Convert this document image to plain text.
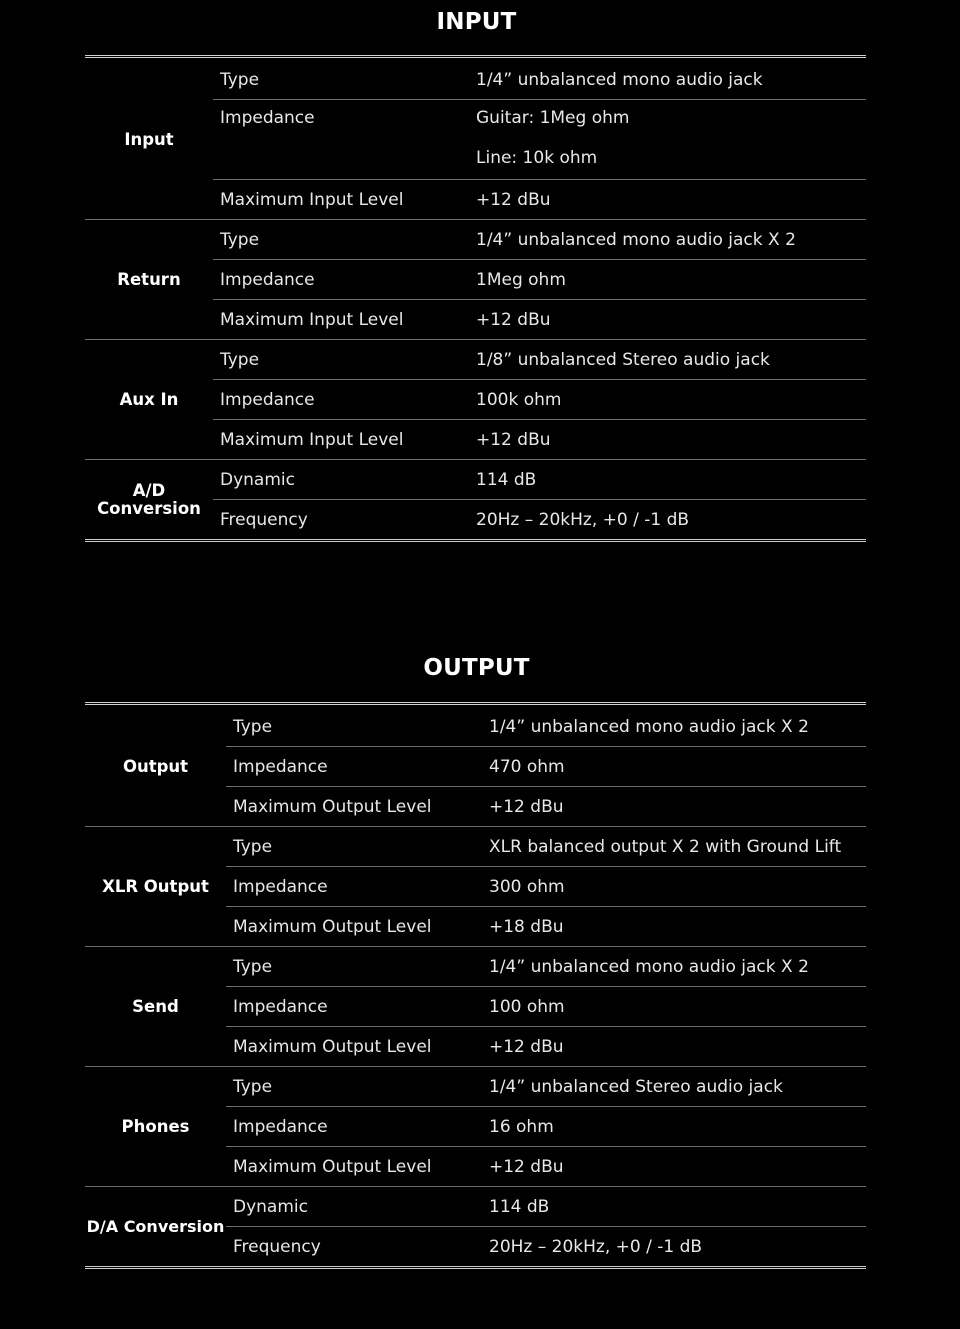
INPUT
Input
Type	1/4” unbalanced mono audio jack
Impedance	Guitar: 1Meg ohm
Line: 10k ohm
Maximum Input Level	+12 dBu
Return
Type	1/4” unbalanced mono audio jack X 2
Impedance	1Meg ohm
Maximum Input Level	+12 dBu
Aux In
Type	1/8” unbalanced Stereo audio jack
Impedance	100k ohm
Maximum Input Level	+12 dBu
A/D
Conversion
Dynamic	114 dB
Frequency	20Hz – 20kHz, +0 / -1 dB
OUTPUT
Output
Type	1/4” unbalanced mono audio jack X 2
Impedance	470 ohm
Maximum Output Level	+12 dBu
XLR Output
Type	XLR balanced output X 2 with Ground Lift
Impedance	300 ohm
Maximum Output Level	+18 dBu
Send
Type	1/4” unbalanced mono audio jack X 2
Impedance	100 ohm
Maximum Output Level	+12 dBu
Phones
Type	1/4” unbalanced Stereo audio jack
Impedance	16 ohm
Maximum Output Level	+12 dBu
D/A Conversion
Dynamic	114 dB
Frequency	20Hz – 20kHz, +0 / -1 dB
